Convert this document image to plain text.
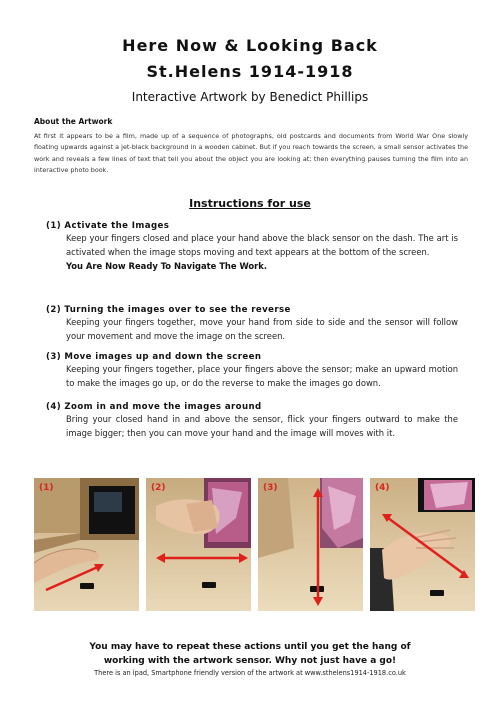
Here Now & Looking Back
St.Helens 1914-1918
Interactive Artwork by Benedict Phillips
About the Artwork
At first it appears to be a film, made up of a sequence of photographs, old postcards and documents from World War One slowly floating upwards against a jet-black background in a wooden cabinet. But if you reach towards the screen, a small sensor activates the work and reveals a few lines of text that tell you about the object you are looking at; then everything pauses turning the film into an interactive photo book.
Instructions for use
(1) Activate the Images
Keep your fingers closed and place your hand above the black sensor on the dash. The art is activated when the image stops moving and text appears at the bottom of the screen.
You Are Now Ready To Navigate The Work.
(2) Turning the images over to see the reverse
Keeping your fingers together, move your hand from side to side and the sensor will follow your movement and move the image on the screen.
(3) Move images up and down the screen
Keeping your fingers together, place your fingers above the sensor; make an upward motion to make the images go up, or do the reverse to make the images go down.
(4) Zoom in and move the images around
Bring your closed hand in and above the sensor, flick your fingers outward to make the image bigger; then you can move your hand and the image will moves with it.
(1)	(2)	(3)	(4)
You may have to repeat these actions until you get the hang of
working with the artwork sensor. Why not just have a go!
There is an ipad, Smartphone friendly version of the artwork at www.sthelens1914-1918.co.uk
